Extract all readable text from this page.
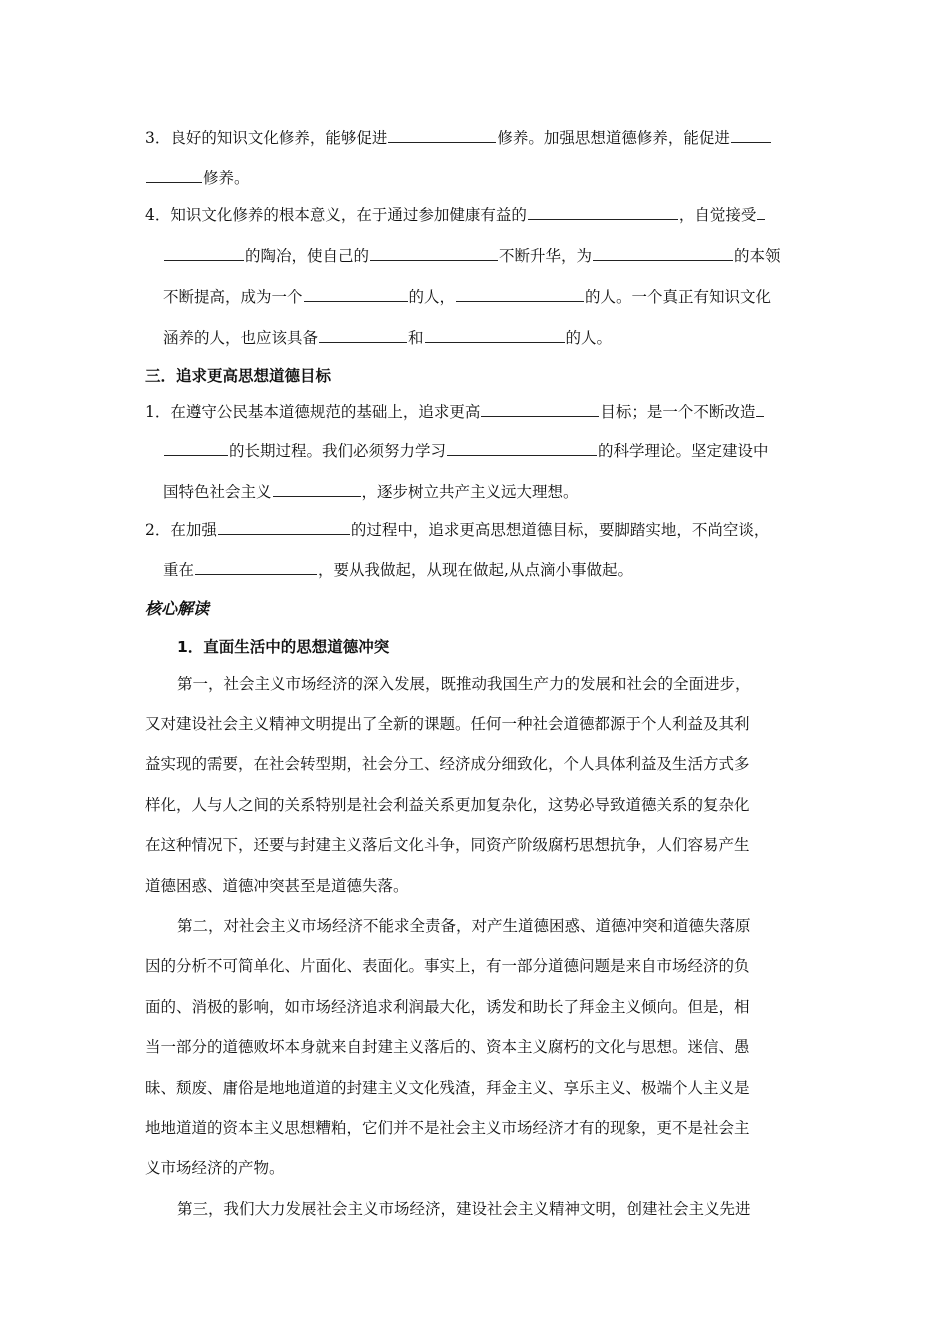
3．良好的知识文化修养，能够促进	修养。加强思想道德修养，能促进
修养。
4．知识文化修养的根本意义，在于通过参加健康有益的	，自觉接受
的陶冶，使自己的	不断升华，为	的本领
不断提高，成为一个	的人，	的人。一个真正有知识文化
涵养的人，也应该具备	和	的人。
三．追求更高思想道德目标
1．在遵守公民基本道德规范的基础上，追求更高	目标；是一个不断改造
的长期过程。我们必须努力学习	的科学理论。坚定建设中
国特色社会主义	，逐步树立共产主义远大理想。
2．在加强	的过程中，追求更高思想道德目标，要脚踏实地，不尚空谈，
重在	，要从我做起，从现在做起,从点滴小事做起。
核心解读
1．直面生活中的思想道德冲突
第一，社会主义市场经济的深入发展，既推动我国生产力的发展和社会的全面进步，
又对建设社会主义精神文明提出了全新的课题。任何一种社会道德都源于个人利益及其利
益实现的需要，在社会转型期，社会分工、经济成分细致化，个人具体利益及生活方式多
样化，人与人之间的关系特别是社会利益关系更加复杂化，这势必导致道德关系的复杂化
在这种情况下，还要与封建主义落后文化斗争，同资产阶级腐朽思想抗争，人们容易产生
道德困惑、道德冲突甚至是道德失落。
第二，对社会主义市场经济不能求全责备，对产生道德困惑、道德冲突和道德失落原
因的分析不可简单化、片面化、表面化。事实上，有一部分道德问题是来自市场经济的负
面的、消极的影响，如市场经济追求利润最大化，诱发和助长了拜金主义倾向。但是，相
当一部分的道德败坏本身就来自封建主义落后的、资本主义腐朽的文化与思想。迷信、愚
昧、颓废、庸俗是地地道道的封建主义文化残渣，拜金主义、享乐主义、极端个人主义是
地地道道的资本主义思想糟粕，它们并不是社会主义市场经济才有的现象，更不是社会主
义市场经济的产物。
第三，我们大力发展社会主义市场经济，建设社会主义精神文明，创建社会主义先进
